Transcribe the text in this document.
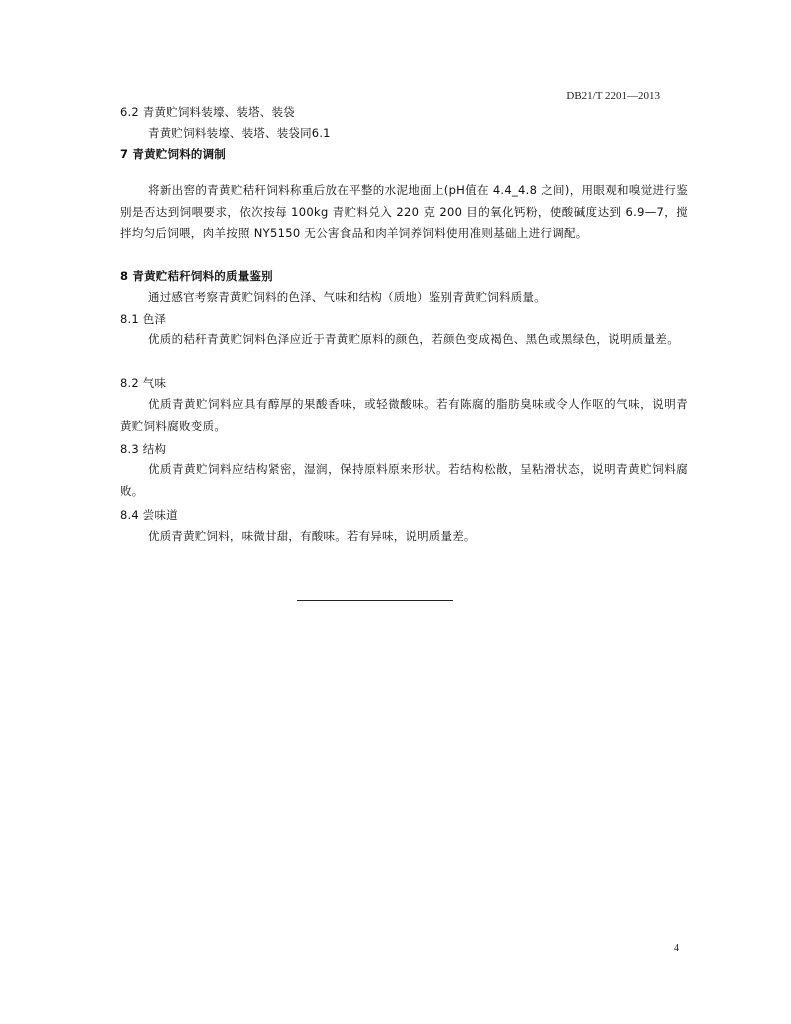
DB21/T 2201—2013
6.2 青黄贮饲料装壕、装塔、装袋
青黄贮饲料装壕、装塔、装袋同6.1
7 青黄贮饲料的调制
将新出窖的青黄贮秸秆饲料称重后放在平整的水泥地面上(pH值在 4.4_4.8 之间)，用眼观和嗅觉进行鉴别是否达到饲喂要求，依次按每 100kg 青贮料兑入 220 克 200 目的氧化钙粉，使酸碱度达到 6.9—7，搅拌均匀后饲喂，肉羊按照 NY5150 无公害食品和肉羊饲养饲料使用准则基础上进行调配。
8 青黄贮秸秆饲料的质量鉴别
通过感官考察青黄贮饲料的色泽、气味和结构（质地）鉴别青黄贮饲料质量。
8.1 色泽
优质的秸秆青黄贮饲料色泽应近于青黄贮原料的颜色，若颜色变成褐色、黑色或黑绿色，说明质量差。
8.2 气味
优质青黄贮饲料应具有醇厚的果酸香味，或轻微酸味。若有陈腐的脂肪臭味或令人作呕的气味，说明青黄贮饲料腐败变质。
8.3 结构
优质青黄贮饲料应结构紧密，湿润，保持原料原来形状。若结构松散，呈粘滑状态，说明青黄贮饲料腐败。
8.4 尝味道
优质青黄贮饲料，味微甘甜，有酸味。若有异味，说明质量差。
4
